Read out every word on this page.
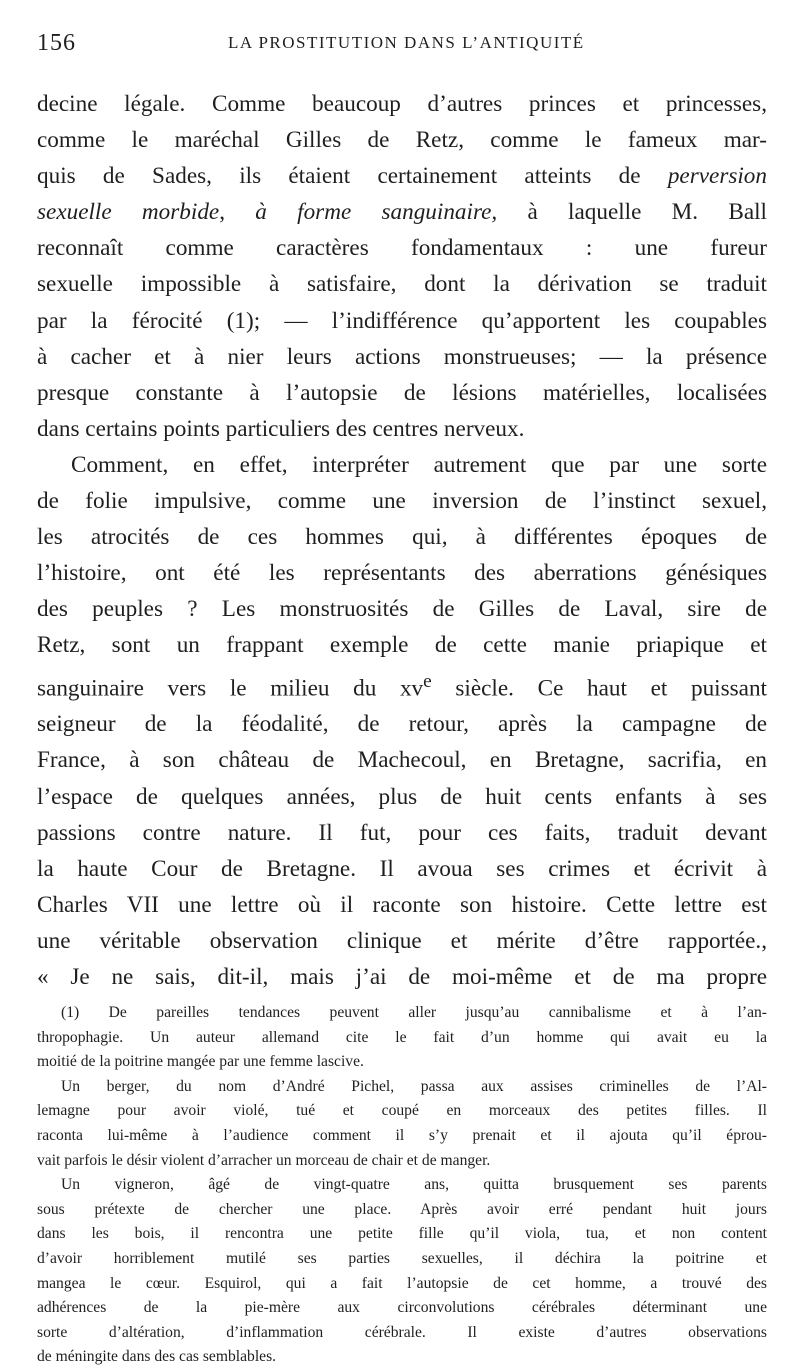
156	LA PROSTITUTION DANS L’ANTIQUITÉ
decine légale. Comme beaucoup d’autres princes et princesses,
comme le maréchal Gilles de Retz, comme le fameux mar-
quis de Sades, ils étaient certainement atteints de perversion
sexuelle morbide, à forme sanguinaire, à laquelle M. Ball
reconnaît comme caractères fondamentaux : une fureur
sexuelle impossible à satisfaire, dont la dérivation se traduit
par la férocité (1); — l’indifférence qu’apportent les coupables
à cacher et à nier leurs actions monstrueuses; — la présence
presque constante à l’autopsie de lésions matérielles, localisées
dans certains points particuliers des centres nerveux.
Comment, en effet, interpréter autrement que par une sorte
de folie impulsive, comme une inversion de l’instinct sexuel,
les atrocités de ces hommes qui, à différentes époques de
l’histoire, ont été les représentants des aberrations génésiques
des peuples ? Les monstruosités de Gilles de Laval, sire de
Retz, sont un frappant exemple de cette manie priapique et
sanguinaire vers le milieu du $xv^e$ siècle. Ce haut et puissant
seigneur de la féodalité, de retour, après la campagne de
France, à son château de Machecoul, en Bretagne, sacrifia, en
l’espace de quelques années, plus de huit cents enfants à ses
passions contre nature. Il fut, pour ces faits, traduit devant
la haute Cour de Bretagne. Il avoua ses crimes et écrivit à
Charles VII une lettre où il raconte son histoire. Cette lettre est
une véritable observation clinique et mérite d’être rapportée.,
« Je ne sais, dit-il, mais j’ai de moi-même et de ma propre
(1) De pareilles tendances peuvent aller jusqu’au cannibalisme et à l’an-
thropophagie. Un auteur allemand cite le fait d’un homme qui avait eu la
moitié de la poitrine mangée par une femme lascive.
Un berger, du nom d’André Pichel, passa aux assises criminelles de l’Al-
lemagne pour avoir violé, tué et coupé en morceaux des petites filles. Il
raconta lui-même à l’audience comment il s’y prenait et il ajouta qu’il éprou-
vait parfois le désir violent d’arracher un morceau de chair et de manger.
Un vigneron, âgé de vingt-quatre ans, quitta brusquement ses parents
sous prétexte de chercher une place. Après avoir erré pendant huit jours
dans les bois, il rencontra une petite fille qu’il viola, tua, et non content
d’avoir horriblement mutilé ses parties sexuelles, il déchira la poitrine et
mangea le cœur. Esquirol, qui a fait l’autopsie de cet homme, a trouvé des
adhérences de la pie-mère aux circonvolutions cérébrales déterminant une
sorte d’altération, d’inflammation cérébrale. Il existe d’autres observations
de méningite dans des cas semblables.
